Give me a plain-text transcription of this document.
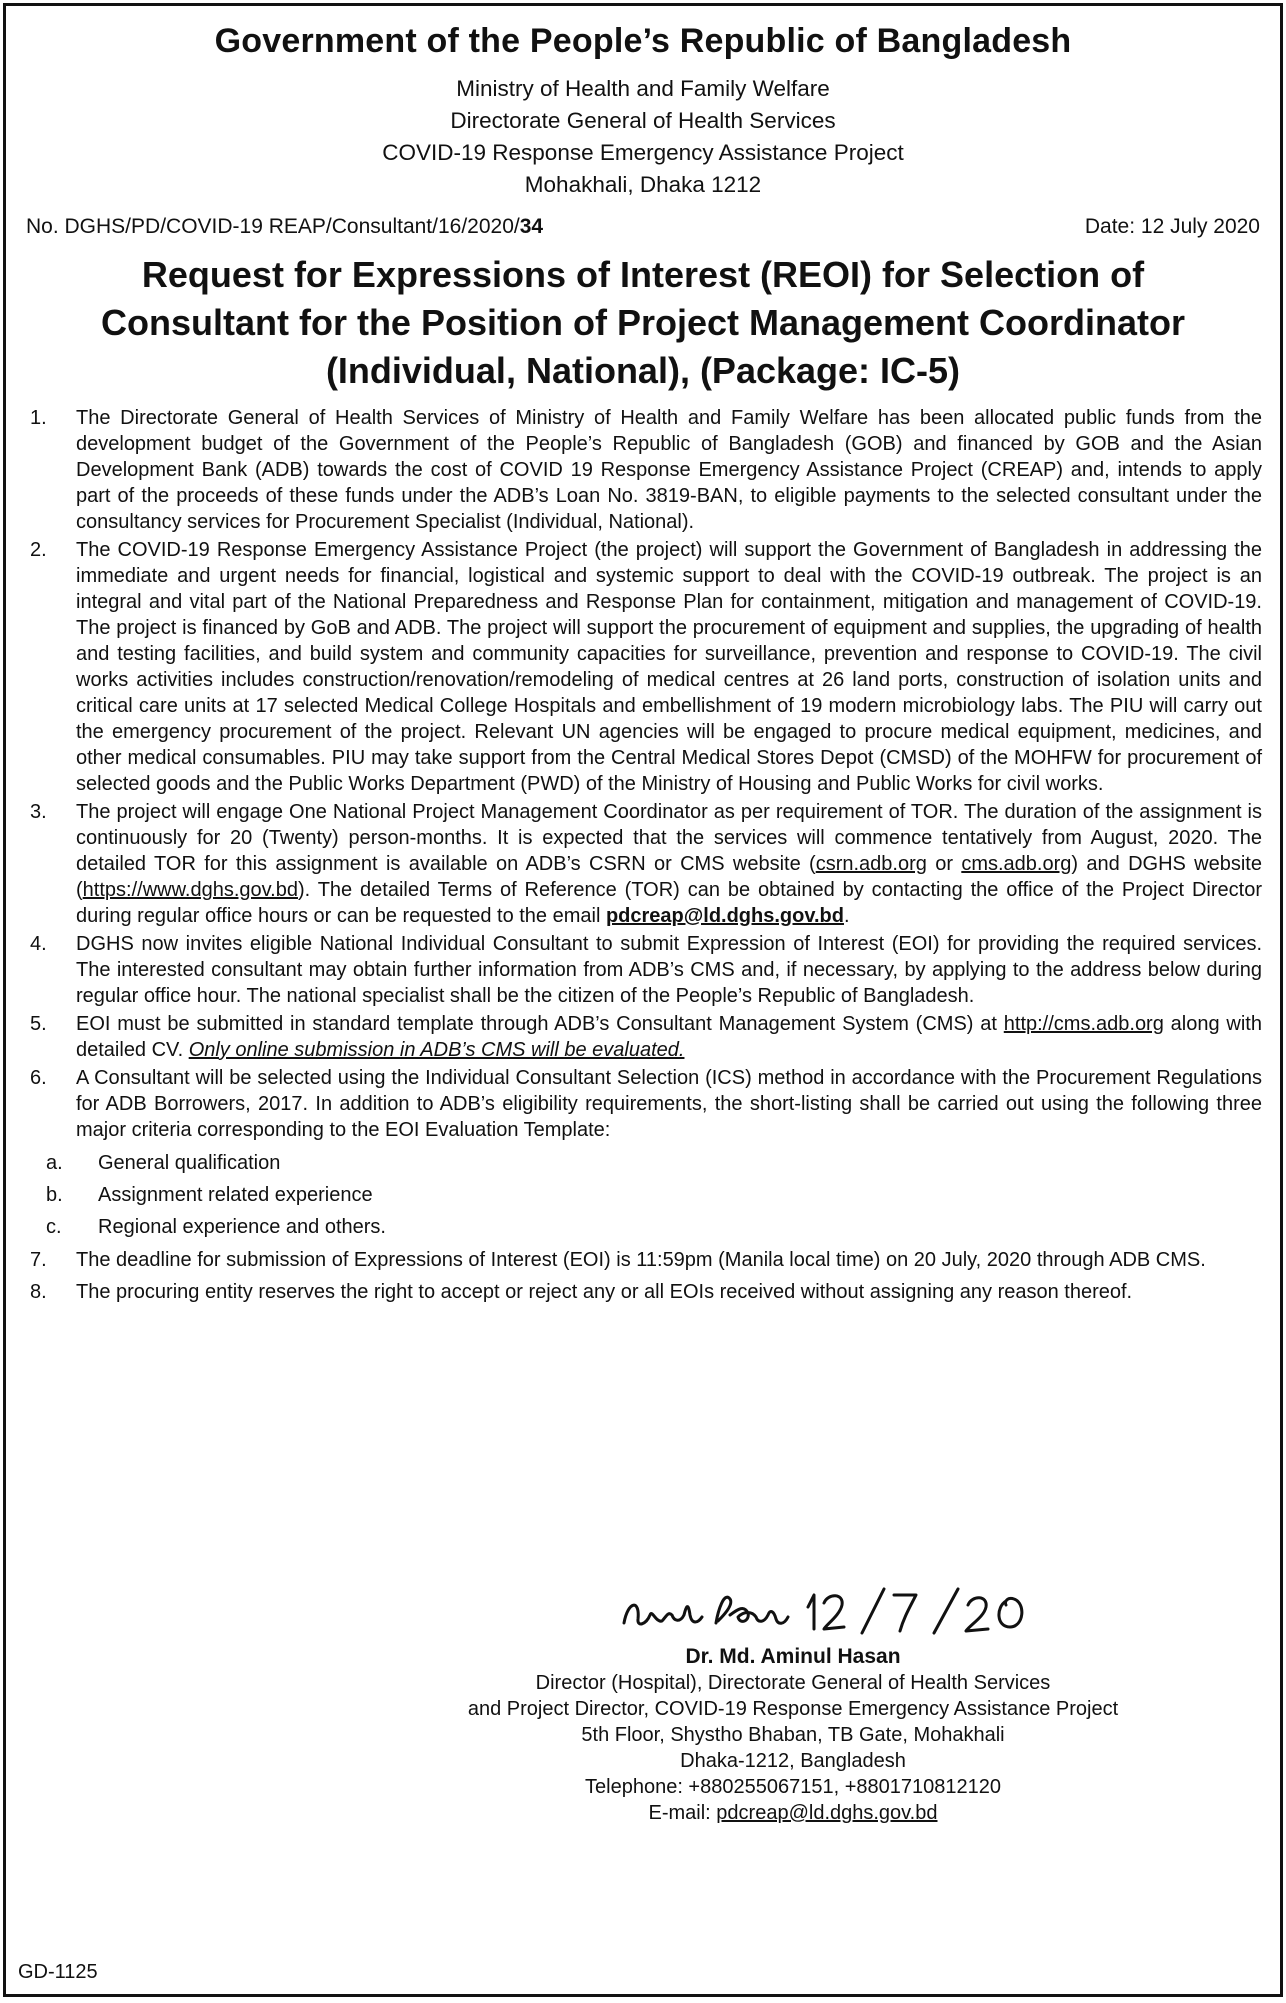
Government of the People’s Republic of Bangladesh
Ministry of Health and Family Welfare
Directorate General of Health Services
COVID-19 Response Emergency Assistance Project
Mohakhali, Dhaka 1212
No. DGHS/PD/COVID-19 REAP/Consultant/16/2020/34	Date: 12 July 2020
Request for Expressions of Interest (REOI) for Selection of
Consultant for the Position of Project Management Coordinator
(Individual, National), (Package: IC-5)
1.	The Directorate General of Health Services of Ministry of Health and Family Welfare has been allocated public funds from the development budget of the Government of the People’s Republic of Bangladesh (GOB) and financed by GOB and the Asian Development Bank (ADB) towards the cost of COVID 19 Response Emergency Assistance Project (CREAP) and, intends to apply part of the proceeds of these funds under the ADB’s Loan No. 3819-BAN, to eligible payments to the selected consultant under the consultancy services for Procurement Specialist (Individual, National).
2.	The COVID-19 Response Emergency Assistance Project (the project) will support the Government of Bangladesh in addressing the immediate and urgent needs for financial, logistical and systemic support to deal with the COVID-19 outbreak. The project is an integral and vital part of the National Preparedness and Response Plan for containment, mitigation and management of COVID-19. The project is financed by GoB and ADB. The project will support the procurement of equipment and supplies, the upgrading of health and testing facilities, and build system and community capacities for surveillance, prevention and response to COVID-19. The civil works activities includes construction/renovation/remodeling of medical centres at 26 land ports, construction of isolation units and critical care units at 17 selected Medical College Hospitals and embellishment of 19 modern microbiology labs. The PIU will carry out the emergency procurement of the project. Relevant UN agencies will be engaged to procure medical equipment, medicines, and other medical consumables. PIU may take support from the Central Medical Stores Depot (CMSD) of the MOHFW for procurement of selected goods and the Public Works Department (PWD) of the Ministry of Housing and Public Works for civil works.
3.	The project will engage One National Project Management Coordinator as per requirement of TOR. The duration of the assignment is continuously for 20 (Twenty) person-months. It is expected that the services will commence tentatively from August, 2020. The detailed TOR for this assignment is available on ADB’s CSRN or CMS website (csrn.adb.org or cms.adb.org) and DGHS website (https://www.dghs.gov.bd). The detailed Terms of Reference (TOR) can be obtained by contacting the office of the Project Director during regular office hours or can be requested to the email pdcreap@ld.dghs.gov.bd.
4.	DGHS now invites eligible National Individual Consultant to submit Expression of Interest (EOI) for providing the required services. The interested consultant may obtain further information from ADB’s CMS and, if necessary, by applying to the address below during regular office hour. The national specialist shall be the citizen of the People’s Republic of Bangladesh.
5.	EOI must be submitted in standard template through ADB’s Consultant Management System (CMS) at http://cms.adb.org along with detailed CV. Only online submission in ADB’s CMS will be evaluated.
6.	A Consultant will be selected using the Individual Consultant Selection (ICS) method in accordance with the Procurement Regulations for ADB Borrowers, 2017. In addition to ADB’s eligibility requirements, the short-listing shall be carried out using the following three major criteria corresponding to the EOI Evaluation Template:
a.	General qualification
b.	Assignment related experience
c.	Regional experience and others.
7.	The deadline for submission of Expressions of Interest (EOI) is 11:59pm (Manila local time) on 20 July, 2020 through ADB CMS.
8.	The procuring entity reserves the right to accept or reject any or all EOIs received without assigning any reason thereof.
Dr. Md. Aminul Hasan
Director (Hospital), Directorate General of Health Services
and Project Director, COVID-19 Response Emergency Assistance Project
5th Floor, Shystho Bhaban, TB Gate, Mohakhali
Dhaka-1212, Bangladesh
Telephone: +880255067151, +8801710812120
E-mail: pdcreap@ld.dghs.gov.bd
GD-1125
